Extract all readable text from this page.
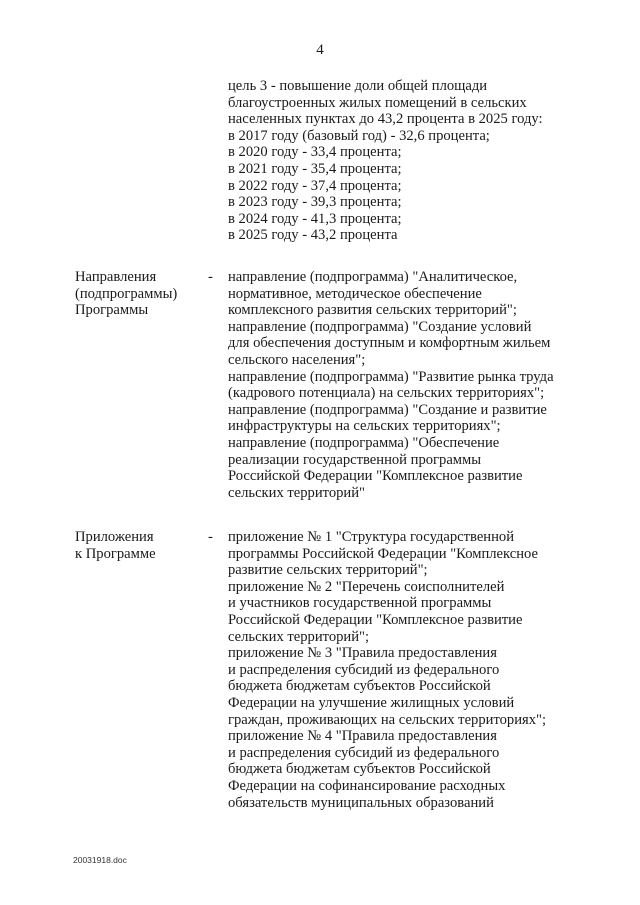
4
цель 3 - повышение доли общей площади
благоустроенных жилых помещений в сельских
населенных пунктах до 43,2 процента в 2025 году:
в 2017 году (базовый год) - 32,6 процента;
в 2020 году - 33,4 процента;
в 2021 году - 35,4 процента;
в 2022 году - 37,4 процента;
в 2023 году - 39,3 процента;
в 2024 году - 41,3 процента;
в 2025 году - 43,2 процента
Направления
(подпрограммы)
Программы
- направление (подпрограмма) "Аналитическое,
нормативное, методическое обеспечение
комплексного развития сельских территорий";
направление (подпрограмма) "Создание условий
для обеспечения доступным и комфортным жильем
сельского населения";
направление (подпрограмма) "Развитие рынка труда
(кадрового потенциала) на сельских территориях";
направление (подпрограмма) "Создание и развитие
инфраструктуры на сельских территориях";
направление (подпрограмма) "Обеспечение
реализации государственной программы
Российской Федерации "Комплексное развитие
сельских территорий"
Приложения
к Программе
- приложение № 1 "Структура государственной
программы Российской Федерации "Комплексное
развитие сельских территорий";
приложение № 2 "Перечень соисполнителей
и участников государственной программы
Российской Федерации "Комплексное развитие
сельских территорий";
приложение № 3 "Правила предоставления
и распределения субсидий из федерального
бюджета бюджетам субъектов Российской
Федерации на улучшение жилищных условий
граждан, проживающих на сельских территориях";
приложение № 4 "Правила предоставления
и распределения субсидий из федерального
бюджета бюджетам субъектов Российской
Федерации на софинансирование расходных
обязательств муниципальных образований
20031918.doc
